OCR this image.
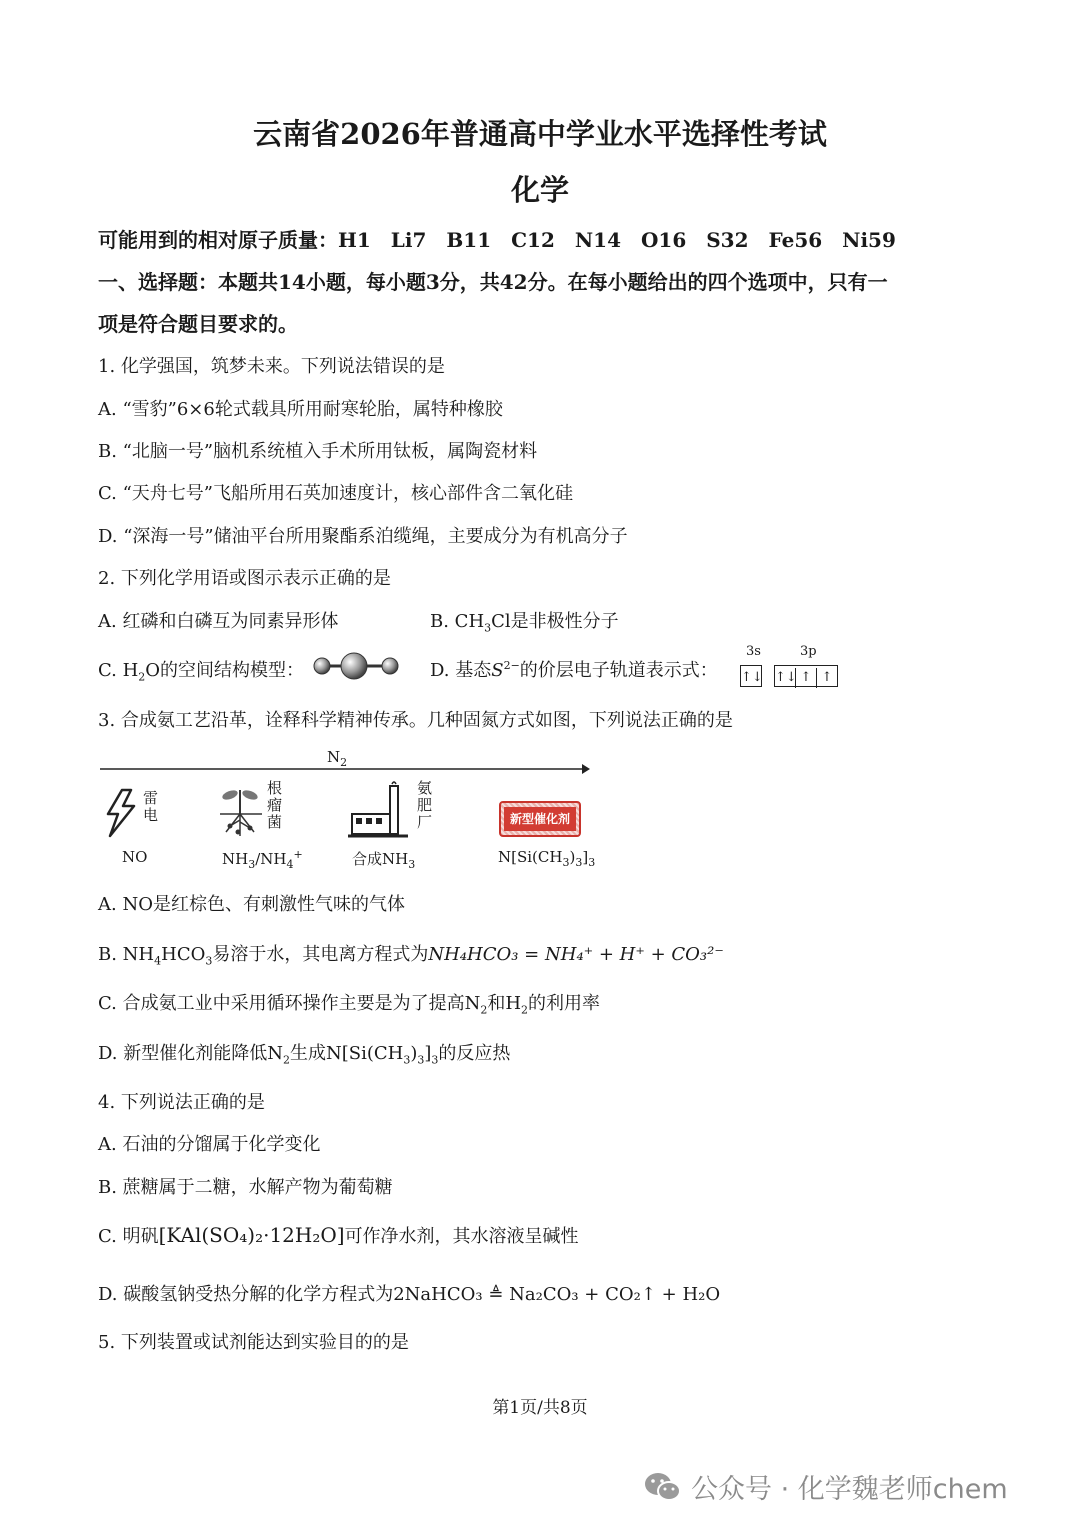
云南省2026年普通高中学业水平选择性考试
化学
可能用到的相对原子质量：H1　Li7　B11　C12　N14　O16　S32　Fe56　Ni59
一、选择题：本题共14小题，每小题3分，共42分。在每小题给出的四个选项中，只有一
项是符合题目要求的。
1. 化学强国，筑梦未来。下列说法错误的是
A. “雪豹”6×6轮式载具所用耐寒轮胎，属特种橡胶
B. “北脑一号”脑机系统植入手术所用钛板，属陶瓷材料
C. “天舟七号”飞船所用石英加速度计，核心部件含二氧化硅
D. “深海一号”储油平台所用聚酯系泊缆绳，主要成分为有机高分子
2. 下列化学用语或图示表示正确的是
A. 红磷和白磷互为同素异形体	B. $CH_3Cl$是非极性分子
C. $H_2O$的空间结构模型：	D. 基态$S^{2-}$的价层电子轨道表示式：
3s	3p
↑↓ ↑↓ ↑ ↑
3. 合成氨工艺沿革，诠释科学精神传承。几种固氮方式如图，下列说法正确的是
$N_2$
雷电	根瘤菌	氨肥厂	新型催化剂
NO	$NH_3/NH_4^+$	合成$NH_3$	$N[Si(CH_3)_3]_3$
A. NO是红棕色、有刺激性气味的气体
B. $NH_4HCO_3$易溶于水，其电离方程式为NH₄HCO₃ = NH₄⁺ + H⁺ + CO₃²⁻
C. 合成氨工业中采用循环操作主要是为了提高$N_2$和$H_2$的利用率
D. 新型催化剂能降低$N_2$生成$N[Si(CH_3)_3]_3$的反应热
4. 下列说法正确的是
A. 石油的分馏属于化学变化
B. 蔗糖属于二糖，水解产物为葡萄糖
C. 明矾[KAl(SO₄)₂·12H₂O]可作净水剂，其水溶液呈碱性
D. 碳酸氢钠受热分解的化学方程式为2NaHCO₃ ≜ Na₂CO₃ + CO₂↑ + H₂O
5. 下列装置或试剂能达到实验目的的是
第1页/共8页
公众号 · 化学魏老师chem
